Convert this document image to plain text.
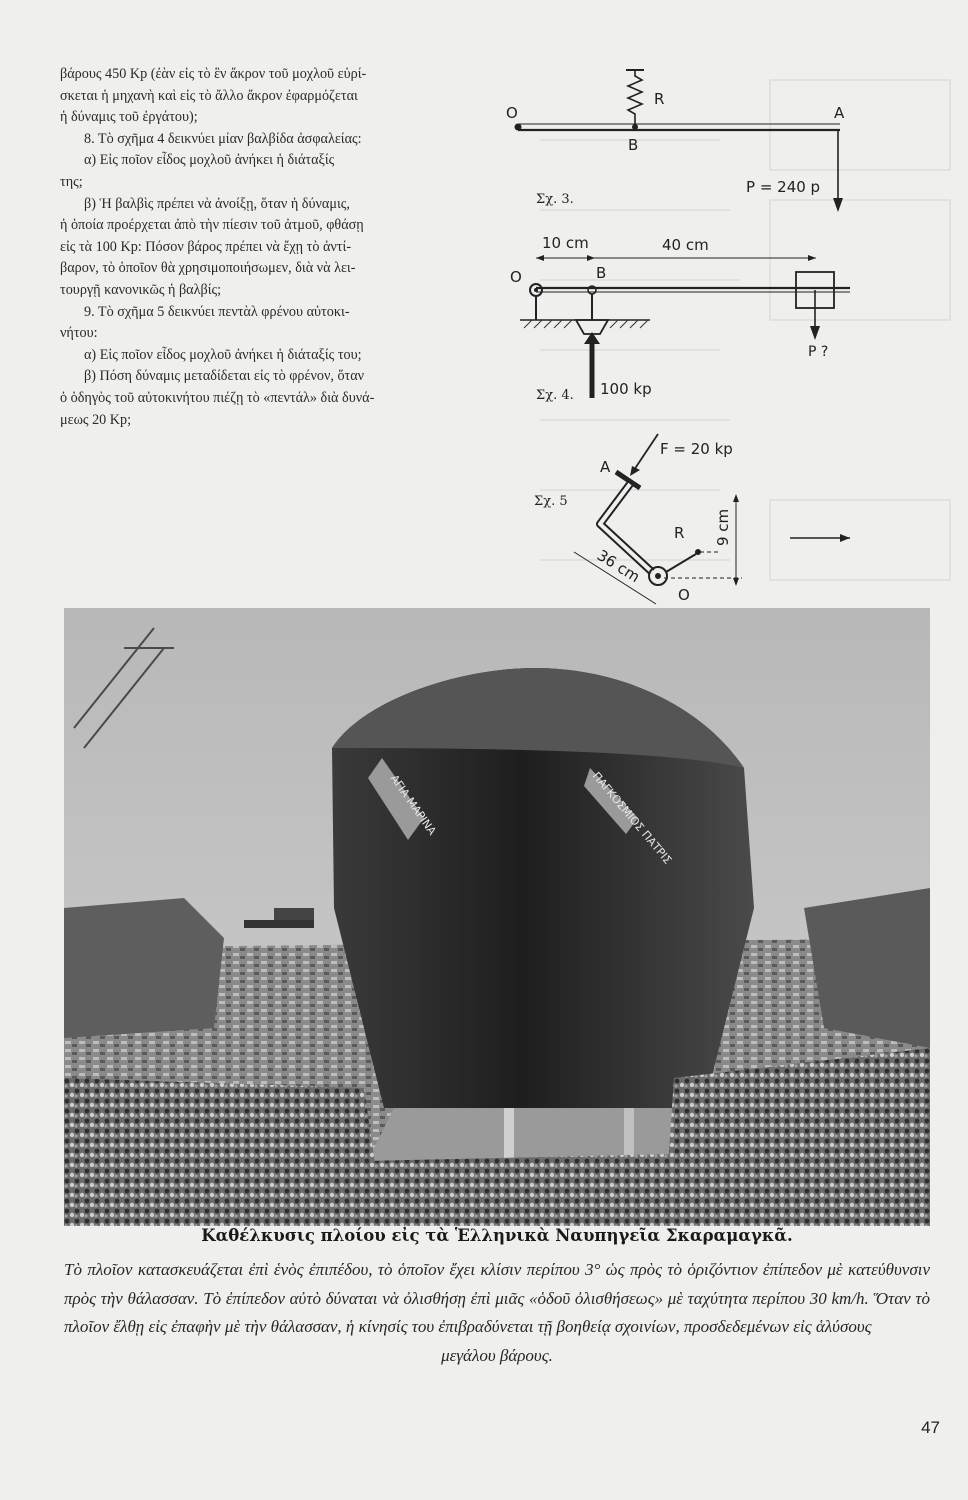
βάρους 450 Kp (ἐὰν εἰς τὸ ἓν ἄκρον τοῦ μοχλοῦ εὑρί-

σκεται ἡ μηχανὴ καὶ εἰς τὸ ἄλλο ἄκρον ἐφαρμόζεται

ἡ δύναμις τοῦ ἐργάτου);

8. Τὸ σχῆμα 4 δεικνύει μίαν βαλβίδα ἀσφαλείας:

α) Εἰς ποῖον εἶδος μοχλοῦ ἀνήκει ἡ διάταξίς

της;

β) Ἡ βαλβὶς πρέπει νὰ ἀνοίξῃ, ὅταν ἡ δύναμις,

ἡ ὁποία προέρχεται ἀπὸ τὴν πίεσιν τοῦ ἀτμοῦ, φθάσῃ

εἰς τὰ 100 Kp: Πόσον βάρος πρέπει νὰ ἔχῃ τὸ ἀντί-

βαρον, τὸ ὁποῖον θὰ χρησιμοποιήσωμεν, διὰ νὰ λει-

τουργῇ κανονικῶς ἡ βαλβίς;

9. Τὸ σχῆμα 5 δεικνύει πεντὰλ φρένου αὐτοκι-

νήτου:

α) Εἰς ποῖον εἶδος μοχλοῦ ἀνήκει ἡ διάταξίς του;

β) Πόση δύναμις μεταδίδεται εἰς τὸ φρένον, ὅταν

ὁ ὁδηγὸς τοῦ αὐτοκινήτου πιέζῃ τὸ «πεντάλ» διὰ δυνά-

μεως 20 Kp;

O
R
B
A
P = 240 p
Σχ. 3.
10 cm	40 cm
O	B
P ?
100 kp
Σχ. 4.
F = 20 kp
A
9 cm
R
36 cm
O
Σχ. 5
ΑΓΙΑ ΜΑΡΙΝΑ	ΠΑΓΚΟΣΜΙΟΣ ΠΑΤΡΙΣ
Καθέλκυσις πλοίου εἰς τὰ Ἑλληνικὰ Ναυπηγεῖα Σκαραμαγκᾶ.
Τὸ πλοῖον κατασκευάζεται ἐπὶ ἑνὸς ἐπιπέδου, τὸ ὁποῖον ἔχει κλίσιν περίπου 3° ὡς πρὸς τὸ ὁριζόντιον ἐπίπεδον μὲ κατεύθυνσιν πρὸς τὴν θάλασσαν. Τὸ ἐπίπεδον αὐτὸ δύναται νὰ ὀλισθήσῃ ἐπὶ μιᾶς «ὁδοῦ ὀλισθήσεως» μὲ ταχύτητα περίπου 30 km/h. Ὅταν τὸ πλοῖον ἔλθῃ εἰς ἐπαφὴν μὲ τὴν θάλασσαν, ἡ κίνησίς του ἐπιβραδύνεται τῇ βοηθείᾳ σχοινίων, προσδεδεμένων εἰς ἁλύσους
μεγάλου βάρους.
47
